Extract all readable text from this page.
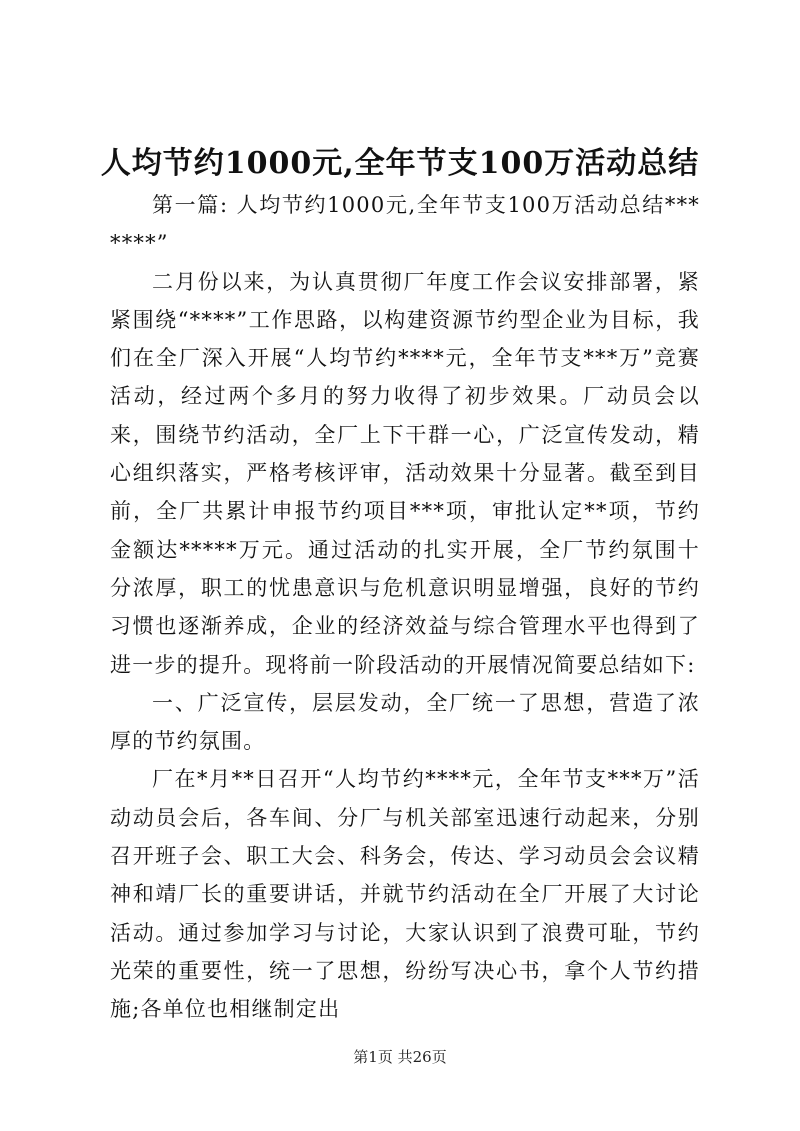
人均节约1000元,全年节支100万活动总结

第一篇: 人均节约1000元,全年节支100万活动总结*******”

二月份以来，为认真贯彻厂年度工作会议安排部署，紧紧围绕“****”工作思路，以构建资源节约型企业为目标，我们在全厂深入开展“人均节约****元，全年节支***万”竞赛活动，经过两个多月的努力收得了初步效果。厂动员会以来，围绕节约活动，全厂上下干群一心，广泛宣传发动，精心组织落实，严格考核评审，活动效果十分显著。截至到目前，全厂共累计申报节约项目***项，审批认定**项，节约金额达*****万元。通过活动的扎实开展，全厂节约氛围十分浓厚，职工的忧患意识与危机意识明显增强，良好的节约习惯也逐渐养成，企业的经济效益与综合管理水平也得到了进一步的提升。现将前一阶段活动的开展情况简要总结如下:

一、广泛宣传，层层发动，全厂统一了思想，营造了浓厚的节约氛围。

厂在*月**日召开“人均节约****元，全年节支***万”活动动员会后，各车间、分厂与机关部室迅速行动起来，分别召开班子会、职工大会、科务会，传达、学习动员会会议精神和靖厂长的重要讲话，并就节约活动在全厂开展了大讨论活动。通过参加学习与讨论，大家认识到了浪费可耻，节约光荣的重要性，统一了思想，纷纷写决心书，拿个人节约措施;各单位也相继制定出

第1页 共26页
